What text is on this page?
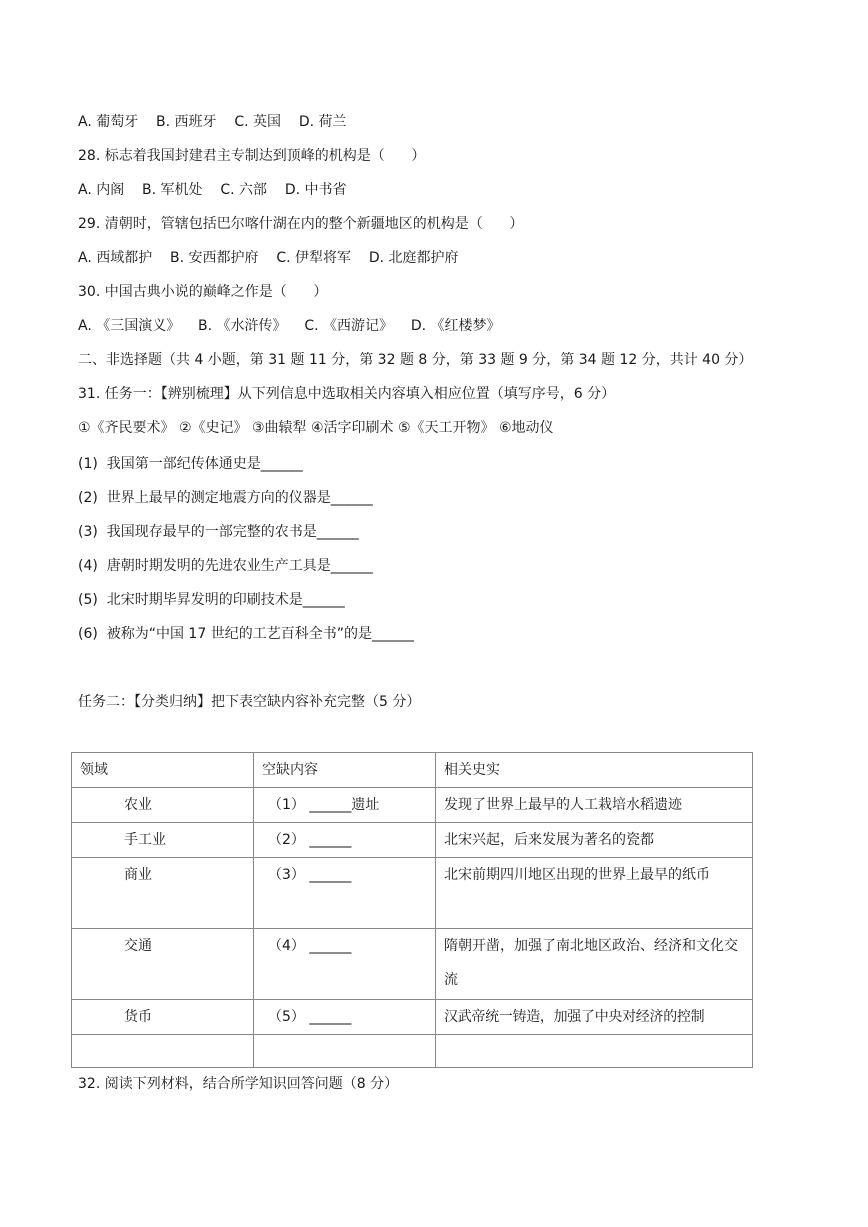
A. 葡萄牙    B. 西班牙    C. 英国    D. 荷兰
28. 标志着我国封建君主专制达到顶峰的机构是（      ）
A. 内阁    B. 军机处    C. 六部    D. 中书省
29. 清朝时，管辖包括巴尔喀什湖在内的整个新疆地区的机构是（      ）
A. 西域都护    B. 安西都护府    C. 伊犁将军    D. 北庭都护府
30. 中国古典小说的巅峰之作是（      ）
A. 《三国演义》    B. 《水浒传》    C. 《西游记》    D. 《红楼梦》
二、非选择题（共 4 小题，第 31 题 11 分，第 32 题 8 分，第 33 题 9 分，第 34 题 12 分，共计 40 分）
31. 任务一：【辨别梳理】从下列信息中选取相关内容填入相应位置（填写序号，6 分）
①《齐民要术》 ②《史记》 ③曲辕犁 ④活字印刷术 ⑤《天工开物》 ⑥地动仪
(1)  我国第一部纪传体通史是______
(2)  世界上最早的测定地震方向的仪器是______
(3)  我国现存最早的一部完整的农书是______
(4)  唐朝时期发明的先进农业生产工具是______
(5)  北宋时期毕昇发明的印刷技术是______
(6)  被称为“中国 17 世纪的工艺百科全书”的是______
任务二：【分类归纳】把下表空缺内容补充完整（5 分）
领域	空缺内容	相关史实
农业	（1） ______遗址	发现了世界上最早的人工栽培水稻遗迹
手工业	（2） ______	北宋兴起，后来发展为著名的瓷都
商业	（3） ______	北宋前期四川地区出现的世界上最早的纸币
交通	（4） ______	隋朝开凿，加强了南北地区政治、经济和文化交流
货币	（5） ______	汉武帝统一铸造，加强了中央对经济的控制

32. 阅读下列材料，结合所学知识回答问题（8 分）
